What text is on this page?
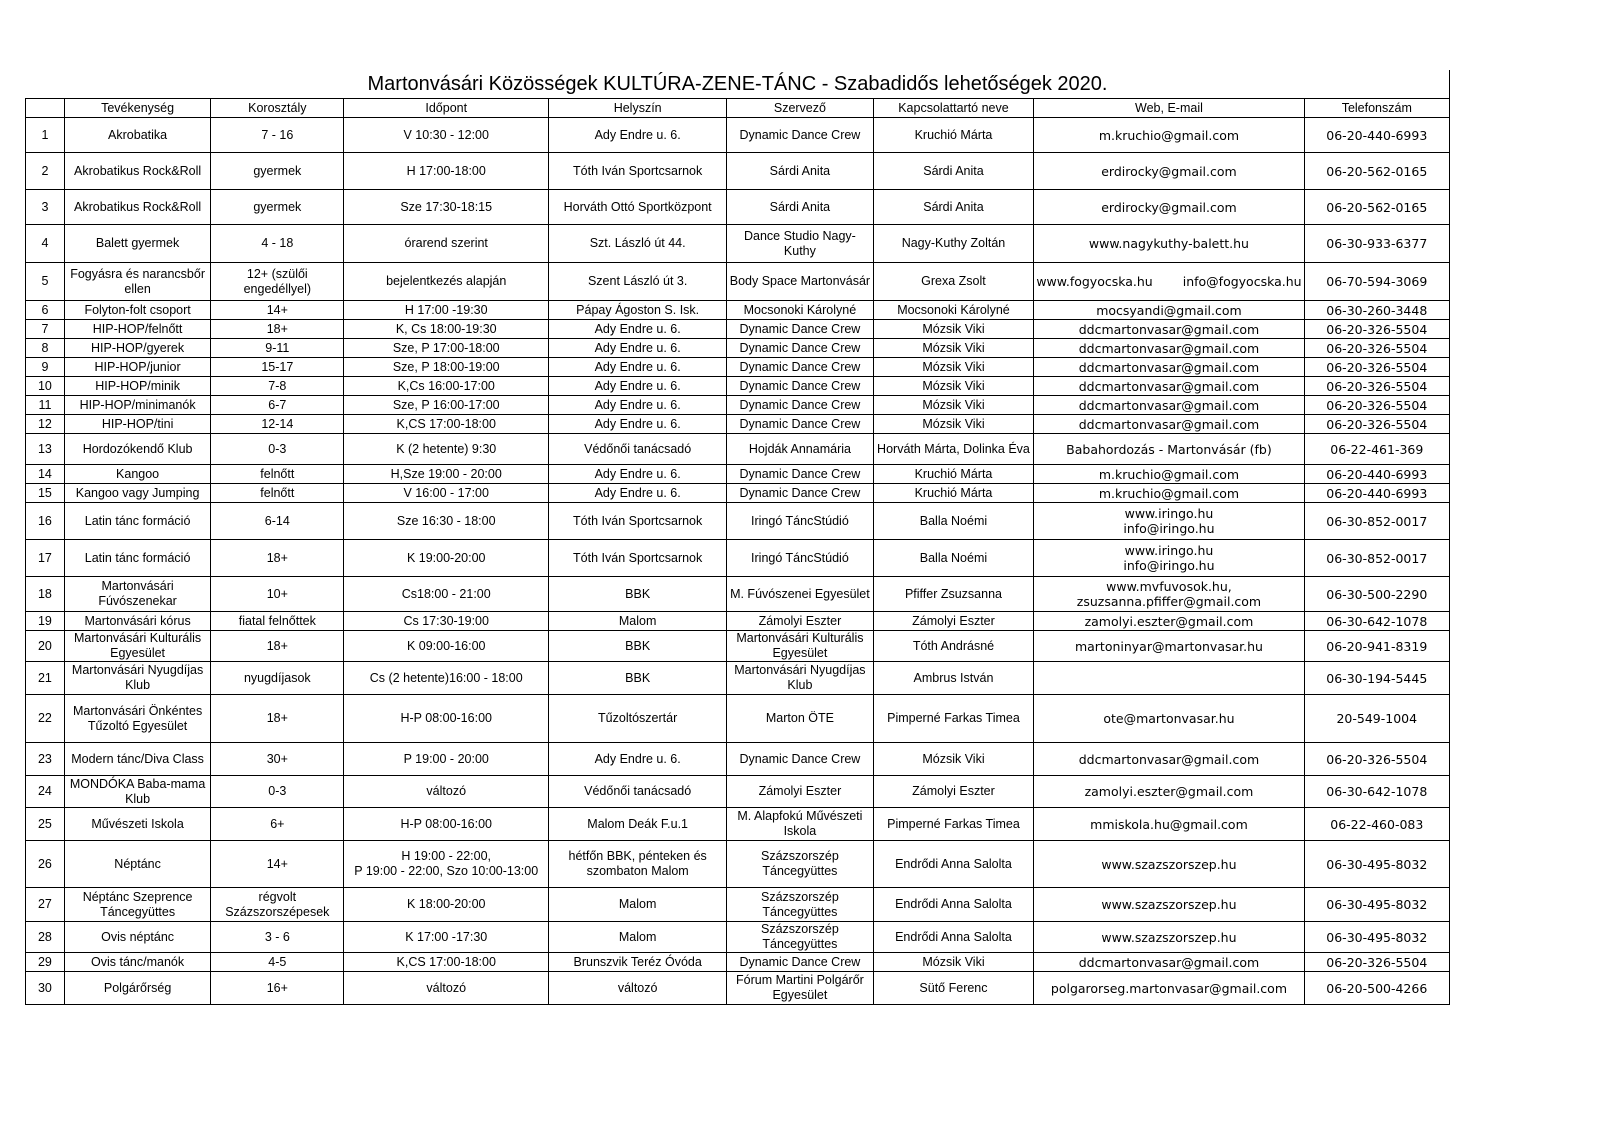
Martonvásári Közösségek KULTÚRA-ZENE-TÁNC - Szabadidős lehetőségek 2020.
	Tevékenység	Korosztály	Időpont	Helyszín	Szervező	Kapcsolattartó neve	Web, E-mail	Telefonszám
1	Akrobatika	7 - 16	V 10:30 - 12:00	Ady Endre u. 6.	Dynamic Dance Crew	Kruchió Márta	m.kruchio@gmail.com	06-20-440-6993
2	Akrobatikus Rock&Roll	gyermek	H 17:00-18:00	Tóth Iván Sportcsarnok	Sárdi Anita	Sárdi Anita	erdirocky@gmail.com	06-20-562-0165
3	Akrobatikus Rock&Roll	gyermek	Sze 17:30-18:15	Horváth Ottó Sportközpont	Sárdi Anita	Sárdi Anita	erdirocky@gmail.com	06-20-562-0165
4	Balett gyermek	4 - 18	órarend szerint	Szt. László út 44.	Dance Studio Nagy-Kuthy	Nagy-Kuthy Zoltán	www.nagykuthy-balett.hu	06-30-933-6377
5	Fogyásra és narancsbőr ellen	12+ (szülői engedéllyel)	bejelentkezés alapján	Szent László út 3.	Body Space Martonvásár	Grexa Zsolt	www.fogyocska.hu info@fogyocska.hu	06-70-594-3069
6	Folyton-folt csoport	14+	H 17:00 -19:30	Pápay Ágoston S. Isk.	Mocsonoki Károlyné	Mocsonoki Károlyné	mocsyandi@gmail.com	06-30-260-3448
7	HIP-HOP/felnőtt	18+	K, Cs 18:00-19:30	Ady Endre u. 6.	Dynamic Dance Crew	Mózsik Viki	ddcmartonvasar@gmail.com	06-20-326-5504
8	HIP-HOP/gyerek	9-11	Sze, P 17:00-18:00	Ady Endre u. 6.	Dynamic Dance Crew	Mózsik Viki	ddcmartonvasar@gmail.com	06-20-326-5504
9	HIP-HOP/junior	15-17	Sze, P 18:00-19:00	Ady Endre u. 6.	Dynamic Dance Crew	Mózsik Viki	ddcmartonvasar@gmail.com	06-20-326-5504
10	HIP-HOP/minik	7-8	K,Cs 16:00-17:00	Ady Endre u. 6.	Dynamic Dance Crew	Mózsik Viki	ddcmartonvasar@gmail.com	06-20-326-5504
11	HIP-HOP/minimanók	6-7	Sze, P 16:00-17:00	Ady Endre u. 6.	Dynamic Dance Crew	Mózsik Viki	ddcmartonvasar@gmail.com	06-20-326-5504
12	HIP-HOP/tini	12-14	K,CS 17:00-18:00	Ady Endre u. 6.	Dynamic Dance Crew	Mózsik Viki	ddcmartonvasar@gmail.com	06-20-326-5504
13	Hordozókendő Klub	0-3	K (2 hetente) 9:30	Védőnői tanácsadó	Hojdák Annamária	Horváth Márta, Dolinka Éva	Babahordozás - Martonvásár (fb)	06-22-461-369
14	Kangoo	felnőtt	H,Sze 19:00 - 20:00	Ady Endre u. 6.	Dynamic Dance Crew	Kruchió Márta	m.kruchio@gmail.com	06-20-440-6993
15	Kangoo vagy Jumping	felnőtt	V 16:00 - 17:00	Ady Endre u. 6.	Dynamic Dance Crew	Kruchió Márta	m.kruchio@gmail.com	06-20-440-6993
16	Latin tánc formáció	6-14	Sze 16:30 - 18:00	Tóth Iván Sportcsarnok	Iringó TáncStúdió	Balla Noémi	www.iringo.hu
info@iringo.hu	06-30-852-0017
17	Latin tánc formáció	18+	K 19:00-20:00	Tóth Iván Sportcsarnok	Iringó TáncStúdió	Balla Noémi	www.iringo.hu
info@iringo.hu	06-30-852-0017
18	Martonvásári Fúvószenekar	10+	Cs18:00 - 21:00	BBK	M. Fúvószenei Egyesület	Pfiffer Zsuzsanna	www.mvfuvosok.hu,
zsuzsanna.pfiffer@gmail.com	06-30-500-2290
19	Martonvásári kórus	fiatal felnőttek	Cs 17:30-19:00	Malom	Zámolyi Eszter	Zámolyi Eszter	zamolyi.eszter@gmail.com	06-30-642-1078
20	Martonvásári Kulturális Egyesület	18+	K 09:00-16:00	BBK	Martonvásári Kulturális Egyesület	Tóth Andrásné	martoninyar@martonvasar.hu	06-20-941-8319
21	Martonvásári Nyugdíjas Klub	nyugdíjasok	Cs (2 hetente)16:00 - 18:00	BBK	Martonvásári Nyugdíjas Klub	Ambrus István		06-30-194-5445
22	Martonvásári Önkéntes Tűzoltó Egyesület	18+	H-P 08:00-16:00	Tűzoltószertár	Marton ÖTE	Pimperné Farkas Timea	ote@martonvasar.hu	20-549-1004
23	Modern tánc/Diva Class	30+	P 19:00 - 20:00	Ady Endre u. 6.	Dynamic Dance Crew	Mózsik Viki	ddcmartonvasar@gmail.com	06-20-326-5504
24	MONDÓKA Baba-mama Klub	0-3	változó	Védőnői tanácsadó	Zámolyi Eszter	Zámolyi Eszter	zamolyi.eszter@gmail.com	06-30-642-1078
25	Művészeti Iskola	6+	H-P 08:00-16:00	Malom Deák F.u.1	M. Alapfokú Művészeti Iskola	Pimperné Farkas Timea	mmiskola.hu@gmail.com	06-22-460-083
26	Néptánc	14+	H 19:00 - 22:00,
P 19:00 - 22:00, Szo 10:00-13:00	hétfőn BBK, pénteken és szombaton Malom	Százszorszép Táncegyüttes	Endrődi Anna Salolta	www.szazszorszep.hu	06-30-495-8032
27	Néptánc Szeprence Táncegyüttes	régvolt Százszorszépesek	K 18:00-20:00	Malom	Százszorszép Táncegyüttes	Endrődi Anna Salolta	www.szazszorszep.hu	06-30-495-8032
28	Ovis néptánc	3 - 6	K 17:00 -17:30	Malom	Százszorszép Táncegyüttes	Endrődi Anna Salolta	www.szazszorszep.hu	06-30-495-8032
29	Ovis tánc/manók	4-5	K,CS 17:00-18:00	Brunszvik Teréz Óvóda	Dynamic Dance Crew	Mózsik Viki	ddcmartonvasar@gmail.com	06-20-326-5504
30	Polgárőrség	16+	változó	változó	Fórum Martini Polgárőr Egyesület	Sütő Ferenc	polgarorseg.martonvasar@gmail.com	06-20-500-4266
